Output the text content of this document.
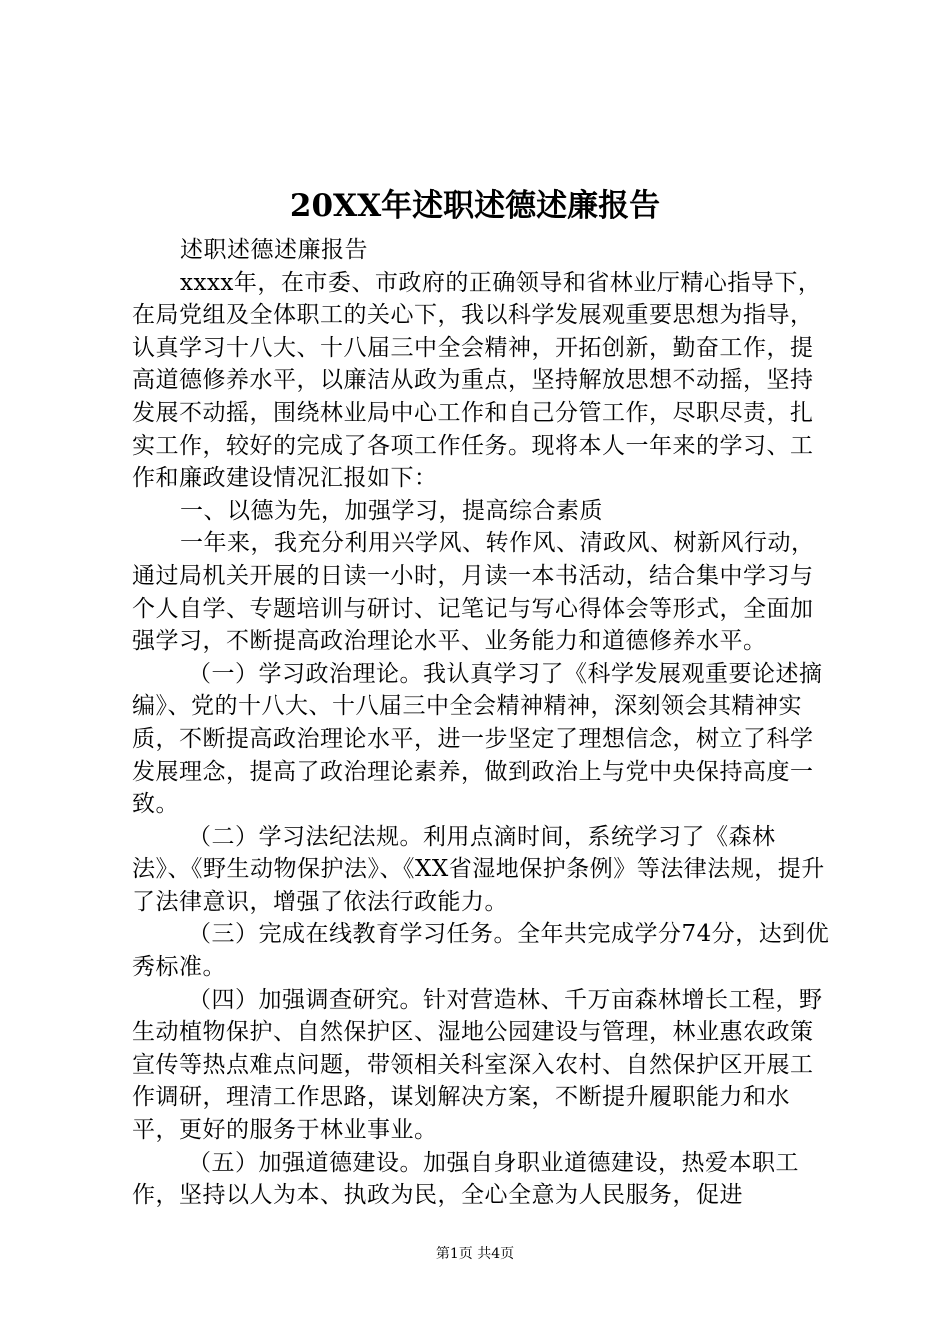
20XX年述职述德述廉报告

述职述德述廉报告

xxxx年，在市委、市政府的正确领导和省林业厅精心指导下，在局党组及全体职工的关心下，我以科学发展观重要思想为指导，认真学习十八大、十八届三中全会精神，开拓创新，勤奋工作，提高道德修养水平，以廉洁从政为重点，坚持解放思想不动摇，坚持发展不动摇，围绕林业局中心工作和自己分管工作，尽职尽责，扎实工作，较好的完成了各项工作任务。现将本人一年来的学习、工作和廉政建设情况汇报如下：

一、以德为先，加强学习，提高综合素质

一年来，我充分利用兴学风、转作风、清政风、树新风行动，通过局机关开展的日读一小时，月读一本书活动，结合集中学习与个人自学、专题培训与研讨、记笔记与写心得体会等形式，全面加强学习，不断提高政治理论水平、业务能力和道德修养水平。

（一）学习政治理论。我认真学习了《科学发展观重要论述摘编》、党的十八大、十八届三中全会精神精神，深刻领会其精神实质，不断提高政治理论水平，进一步坚定了理想信念，树立了科学发展理念，提高了政治理论素养，做到政治上与党中央保持高度一致。

（二）学习法纪法规。利用点滴时间，系统学习了《森林法》、《野生动物保护法》、《XX省湿地保护条例》等法律法规，提升了法律意识，增强了依法行政能力。

（三）完成在线教育学习任务。全年共完成学分74分，达到优秀标准。

（四）加强调查研究。针对营造林、千万亩森林增长工程，野生动植物保护、自然保护区、湿地公园建设与管理，林业惠农政策宣传等热点难点问题，带领相关科室深入农村、自然保护区开展工作调研，理清工作思路，谋划解决方案，不断提升履职能力和水平，更好的服务于林业事业。

（五）加强道德建设。加强自身职业道德建设，热爱本职工作，坚持以人为本、执政为民，全心全意为人民服务，促进

第1页 共4页
